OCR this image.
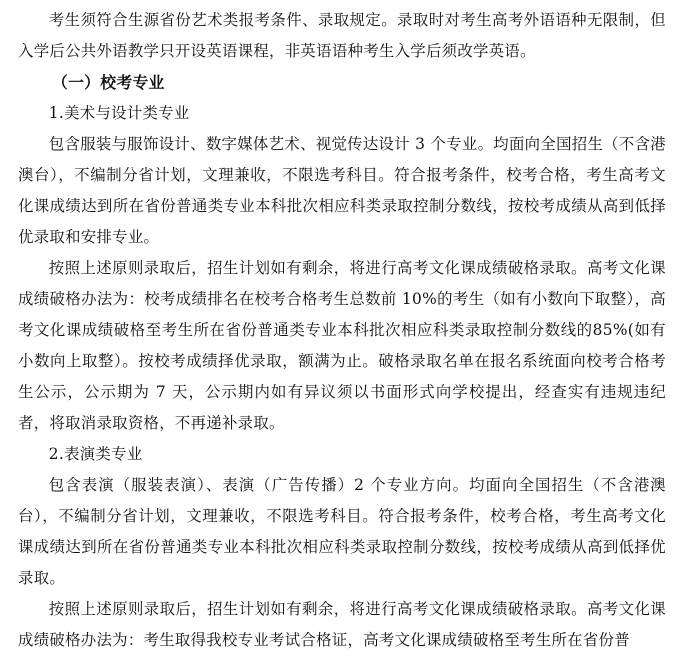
考生须符合生源省份艺术类报考条件、录取规定。录取时对考生高考外语语种无限制，但入学后公共外语教学只开设英语课程，非英语语种考生入学后须改学英语。

（一）校考专业

1.美术与设计类专业

包含服装与服饰设计、数字媒体艺术、视觉传达设计 3 个专业。均面向全国招生（不含港澳台），不编制分省计划，文理兼收，不限选考科目。符合报考条件，校考合格，考生高考文化课成绩达到所在省份普通类专业本科批次相应科类录取控制分数线，按校考成绩从高到低择优录取和安排专业。

按照上述原则录取后，招生计划如有剩余，将进行高考文化课成绩破格录取。高考文化课成绩破格办法为：校考成绩排名在校考合格考生总数前 10%的考生（如有小数向下取整），高考文化课成绩破格至考生所在省份普通类专业本科批次相应科类录取控制分数线的85%(如有小数向上取整）。按校考成绩择优录取，额满为止。破格录取名单在报名系统面向校考合格考生公示，公示期为 7 天，公示期内如有异议须以书面形式向学校提出，经查实有违规违纪者，将取消录取资格，不再递补录取。

2.表演类专业

包含表演（服装表演）、表演（广告传播）2 个专业方向。均面向全国招生（不含港澳台），不编制分省计划，文理兼收，不限选考科目。符合报考条件，校考合格，考生高考文化课成绩达到所在省份普通类专业本科批次相应科类录取控制分数线，按校考成绩从高到低择优录取。

按照上述原则录取后，招生计划如有剩余，将进行高考文化课成绩破格录取。高考文化课成绩破格办法为：考生取得我校专业考试合格证，高考文化课成绩破格至考生所在省份普
